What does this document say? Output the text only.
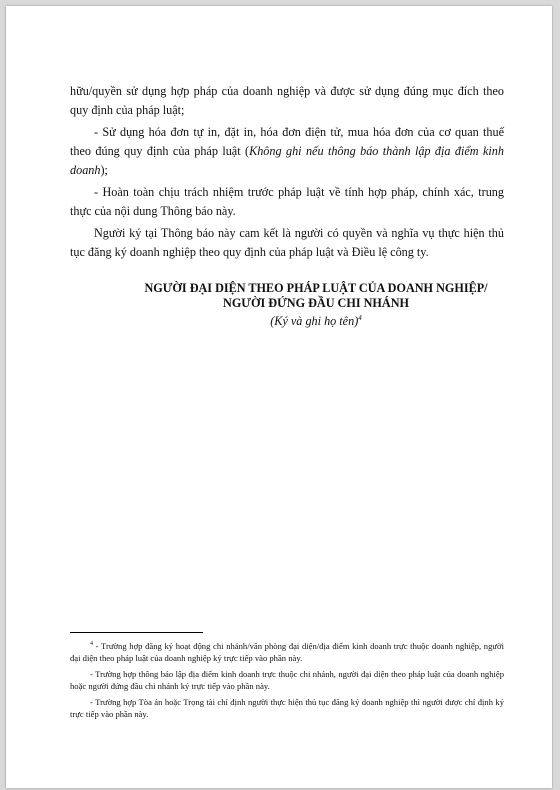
hữu/quyền sử dụng hợp pháp của doanh nghiệp và được sử dụng đúng mục đích theo quy định của pháp luật;

- Sử dụng hóa đơn tự in, đặt in, hóa đơn điện tử, mua hóa đơn của cơ quan thuế theo đúng quy định của pháp luật (Không ghi nếu thông báo thành lập địa điểm kinh doanh);

- Hoàn toàn chịu trách nhiệm trước pháp luật về tính hợp pháp, chính xác, trung thực của nội dung Thông báo này.

Người ký tại Thông báo này cam kết là người có quyền và nghĩa vụ thực hiện thủ tục đăng ký doanh nghiệp theo quy định của pháp luật và Điều lệ công ty.

NGƯỜI ĐẠI DIỆN THEO PHÁP LUẬT CỦA DOANH NGHIỆP/

NGƯỜI ĐỨNG ĐẦU CHI NHÁNH

(Ký và ghi họ tên)$^4$

$^4$ - Trường hợp đăng ký hoạt động chi nhánh/văn phòng đại diện/địa điểm kinh doanh trực thuộc doanh nghiệp, người đại diện theo pháp luật của doanh nghiệp ký trực tiếp vào phần này.

- Trường hợp thông báo lập địa điểm kinh doanh trực thuộc chi nhánh, người đại diện theo pháp luật của doanh nghiệp hoặc người đứng đầu chi nhánh ký trực tiếp vào phần này.

- Trường hợp Tòa án hoặc Trọng tài chỉ định người thực hiện thủ tục đăng ký doanh nghiệp thì người được chỉ định ký trực tiếp vào phần này.
